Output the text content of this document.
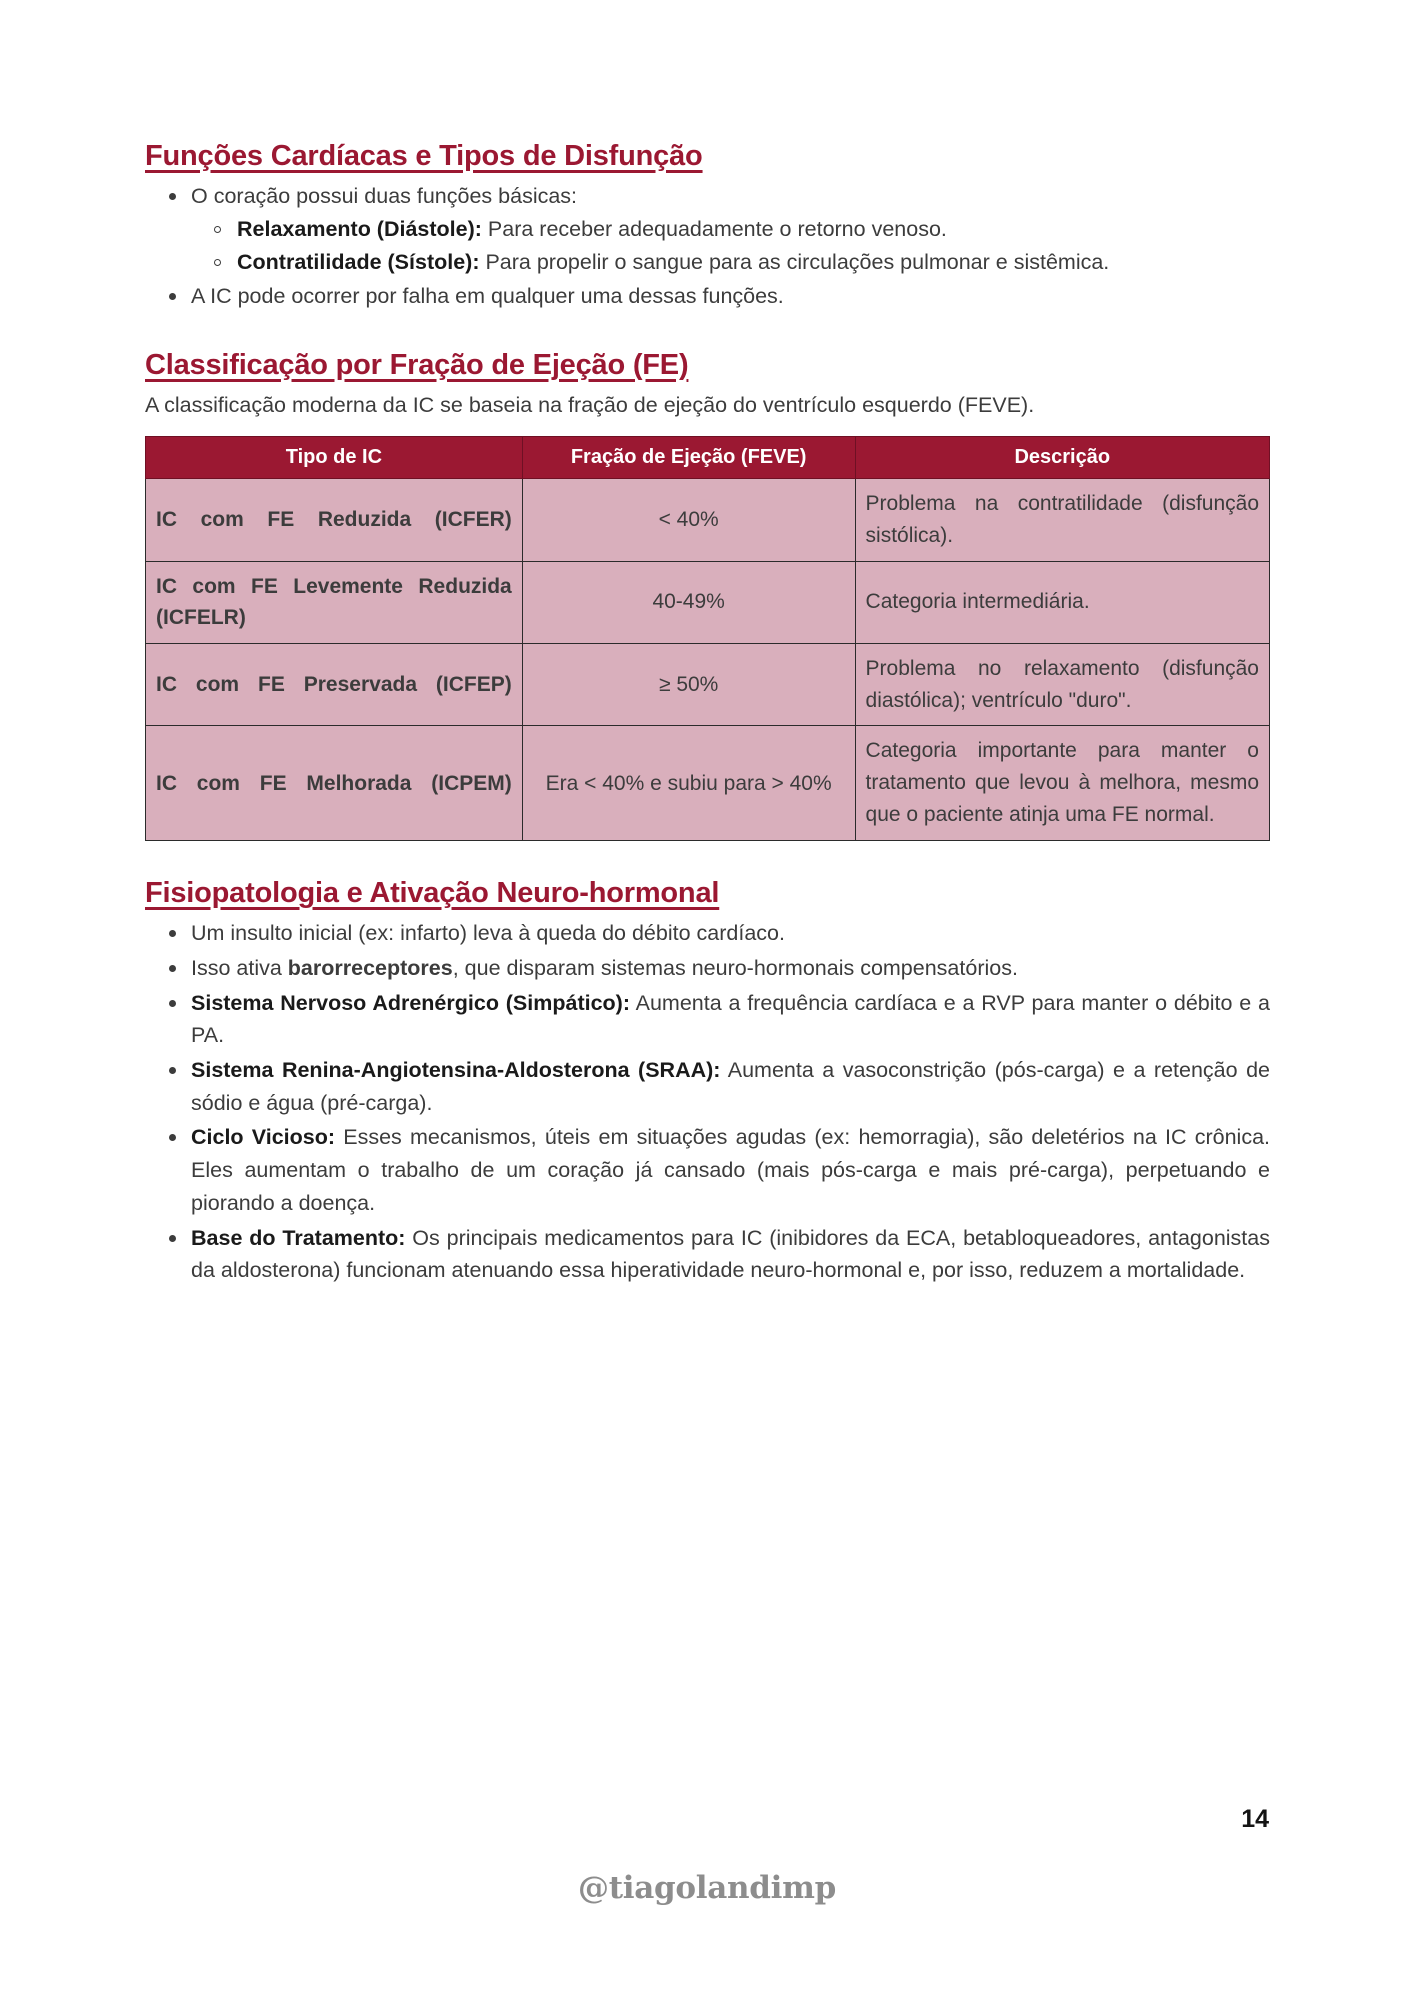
Funções Cardíacas e Tipos de Disfunção
O coração possui duas funções básicas:
Relaxamento (Diástole): Para receber adequadamente o retorno venoso.
Contratilidade (Sístole): Para propelir o sangue para as circulações pulmonar e sistêmica.
A IC pode ocorrer por falha em qualquer uma dessas funções.
Classificação por Fração de Ejeção (FE)

A classificação moderna da IC se baseia na fração de ejeção do ventrículo esquerdo (FEVE).

Tipo de IC	Fração de Ejeção (FEVE)	Descrição
IC com FE Reduzida (ICFER)	< 40%	Problema na contratilidade (disfunção sistólica).
IC com FE Levemente Reduzida (ICFELR)	40-49%	Categoria intermediária.
IC com FE Preservada (ICFEP)	≥ 50%	Problema no relaxamento (disfunção diastólica); ventrículo "duro".
IC com FE Melhorada (ICPEM)	Era < 40% e subiu para > 40%	Categoria importante para manter o tratamento que levou à melhora, mesmo que o paciente atinja uma FE normal.
Fisiopatologia e Ativação Neuro-hormonal
Um insulto inicial (ex: infarto) leva à queda do débito cardíaco.
Isso ativa barorreceptores, que disparam sistemas neuro-hormonais compensatórios.
Sistema Nervoso Adrenérgico (Simpático): Aumenta a frequência cardíaca e a RVP para manter o débito e a PA.
Sistema Renina-Angiotensina-Aldosterona (SRAA): Aumenta a vasoconstrição (pós-carga) e a retenção de sódio e água (pré-carga).
Ciclo Vicioso: Esses mecanismos, úteis em situações agudas (ex: hemorragia), são deletérios na IC crônica. Eles aumentam o trabalho de um coração já cansado (mais pós-carga e mais pré-carga), perpetuando e piorando a doença.
Base do Tratamento: Os principais medicamentos para IC (inibidores da ECA, betabloqueadores, antagonistas da aldosterona) funcionam atenuando essa hiperatividade neuro-hormonal e, por isso, reduzem a mortalidade.
14
@tiagolandimp
